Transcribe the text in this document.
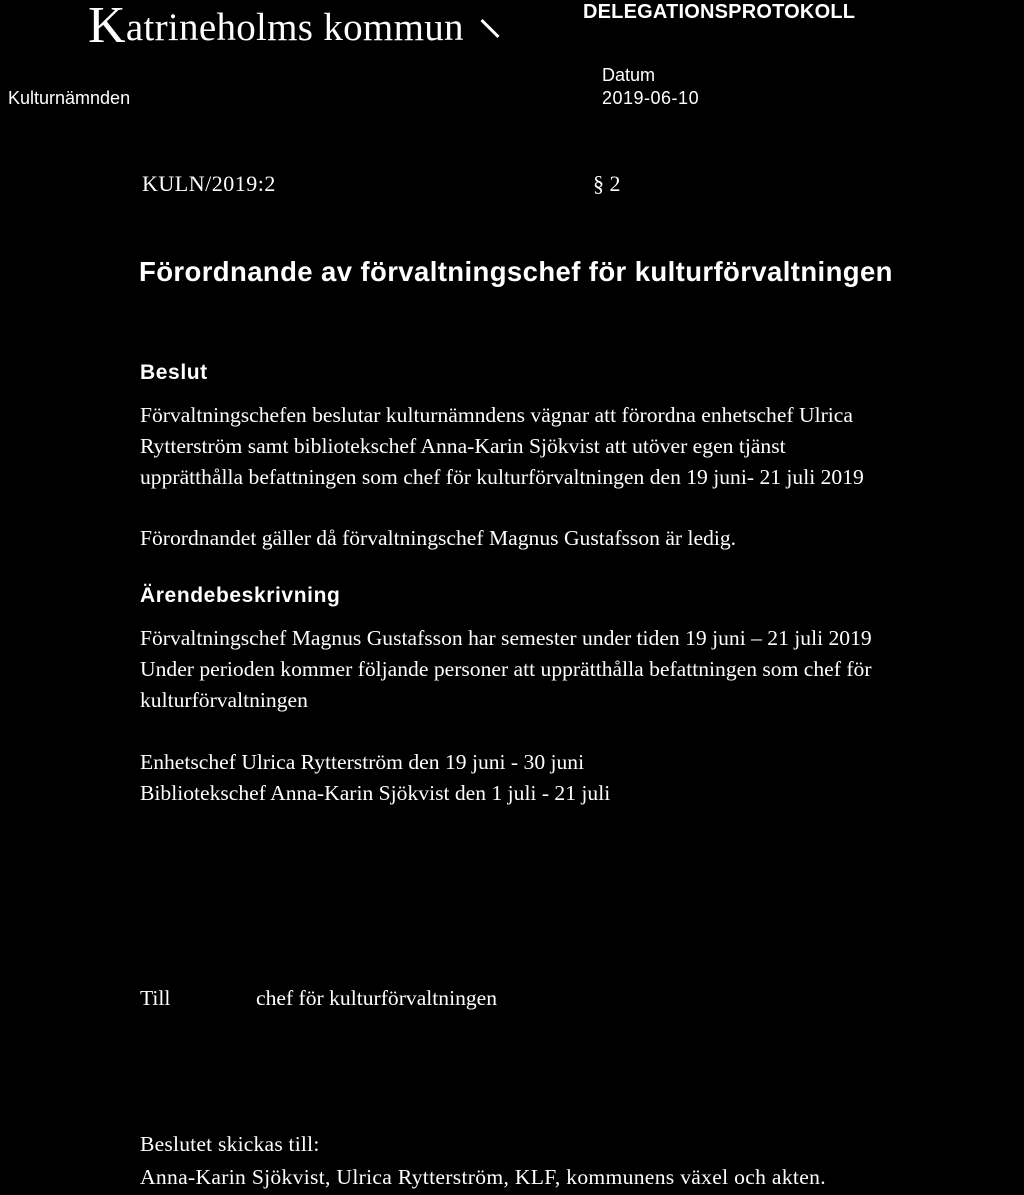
Katrineholms kommun
Kulturnämnden
DELEGATIONSPROTOKOLL
Datum
2019-06-10
KULN/2019:2	§ 2
Förordnande av förvaltningschef för kulturförvaltningen
Beslut
Förvaltningschefen beslutar kulturnämndens vägnar att förordna enhetschef Ulrica
Rytterström samt bibliotekschef Anna-Karin Sjökvist att utöver egen tjänst
upprätthålla befattningen som chef för kulturförvaltningen den 19 juni- 21 juli 2019
Förordnandet gäller då förvaltningschef Magnus Gustafsson är ledig.
Ärendebeskrivning
Förvaltningschef Magnus Gustafsson har semester under tiden 19 juni – 21 juli 2019
Under perioden kommer följande personer att upprätthålla befattningen som chef för
kulturförvaltningen
Enhetschef Ulrica Rytterström den 19 juni - 30 juni
Bibliotekschef Anna-Karin Sjökvist den 1 juli - 21 juli
Till	chef för kulturförvaltningen
Beslutet skickas till:
Anna-Karin Sjökvist, Ulrica Rytterström, KLF, kommunens växel och akten.
